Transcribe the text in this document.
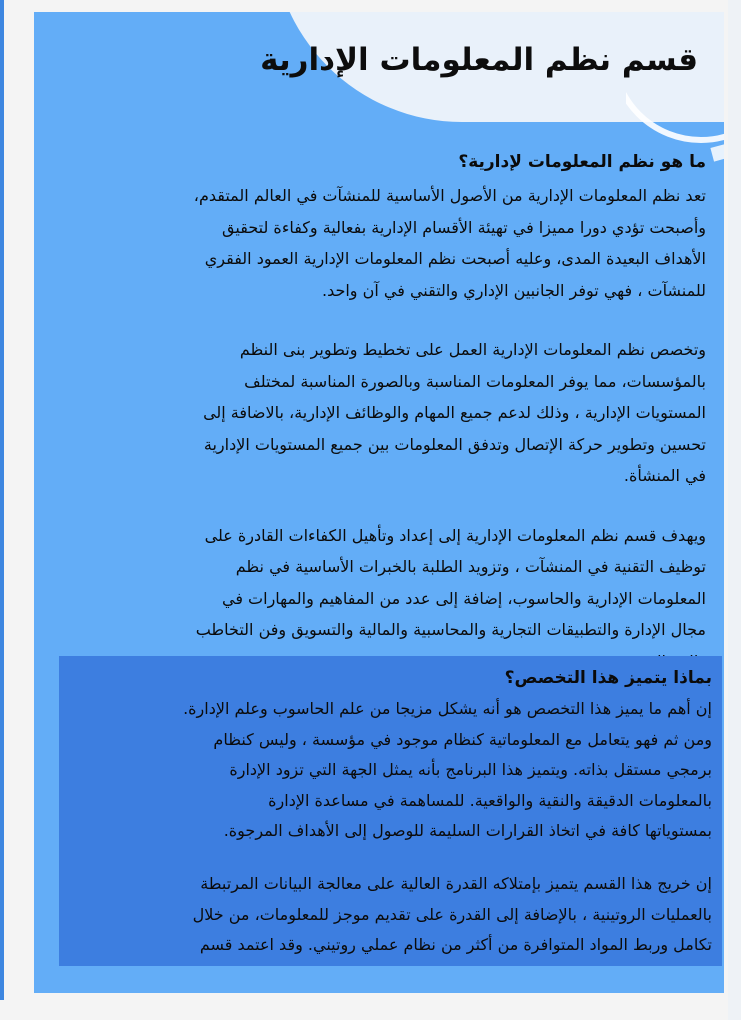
قسم نظم المعلومات الإدارية
ما هو نظم المعلومات لإدارية؟

تعد نظم المعلومات الإدارية من الأصول الأساسية للمنشآت في العالم المتقدم،
وأصبحت تؤدي دورا مميزا في تهيئة الأقسام الإدارية بفعالية وكفاءة لتحقيق
الأهداف البعيدة المدى، وعليه أصبحت نظم المعلومات الإدارية العمود الفقري
للمنشآت ، فهي توفر الجانبين الإداري والتقني في آن واحد.

وتخصص نظم المعلومات الإدارية العمل على تخطيط وتطوير بنى النظم
بالمؤسسات، مما يوفر المعلومات المناسبة وبالصورة المناسبة لمختلف
المستويات الإدارية ، وذلك لدعم جميع المهام والوظائف الإدارية، بالاضافة إلى
تحسين وتطوير حركة الإتصال وتدفق المعلومات بين جميع المستويات الإدارية
في المنشأة.

ويهدف قسم نظم المعلومات الإدارية إلى إعداد وتأهيل الكفاءات القادرة على
توظيف التقنية في المنشآت ، وتزويد الطلبة بالخبرات الأساسية في نظم
المعلومات الإدارية والحاسوب، إضافة إلى عدد من المفاهيم والمهارات في
مجال الإدارة والتطبيقات التجارية والمحاسبية والمالية والتسويق وفن التخاطب

بماذا يتميز هذا التخصص؟

إن أهم ما يميز هذا التخصص هو أنه يشكل مزيجا من علم الحاسوب وعلم الإدارة.
ومن ثم فهو يتعامل مع المعلوماتية كنظام موجود في مؤسسة ، وليس كنظام
برمجي مستقل بذاته. ويتميز هذا البرنامج بأنه يمثل الجهة التي تزود الإدارة
بالمعلومات الدقيقة والنقية والواقعية. للمساهمة في مساعدة الإدارة
بمستوياتها كافة في اتخاذ القرارات السليمة للوصول إلى الأهداف المرجوة.

إن خريج هذا القسم يتميز بإمتلاكه القدرة العالية على معالجة البيانات المرتبطة
بالعمليات الروتينية ، بالإضافة إلى القدرة على تقديم موجز للمعلومات، من خلال
تكامل وربط المواد المتوافرة من أكثر من نظام عملي روتيني. وقد اعتمد قسم
